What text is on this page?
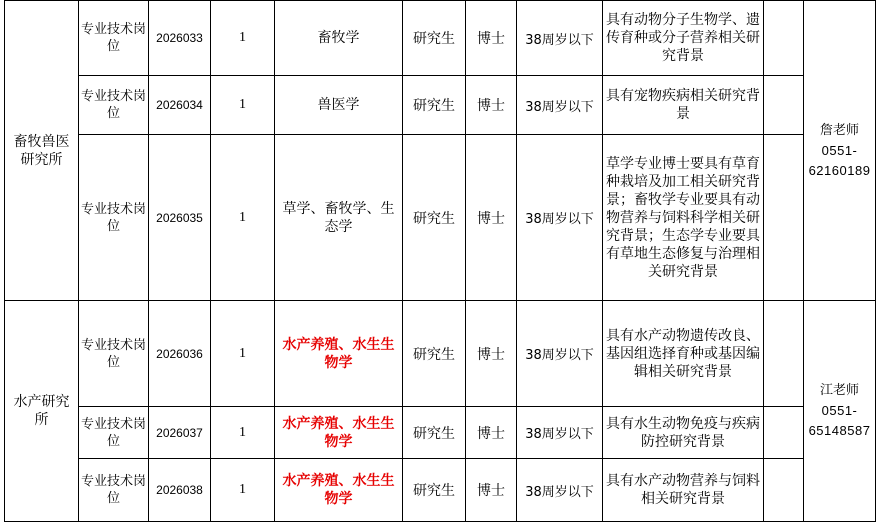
畜牧兽医研究所	专业技术岗位	2026033	1	畜牧学	研究生	博士	38周岁以下	具有动物分子生物学、遗传育种或分子营养相关研究背景		詹老师
0551-
62160189

	专业技术岗位	2026034	1	兽医学	研究生	博士	38周岁以下	具有宠物疾病相关研究背景		
	专业技术岗位	2026035	1	草学、畜牧学、生态学	研究生	博士	38周岁以下	草学专业博士要具有草育种栽培及加工相关研究背景；畜牧学专业要具有动物营养与饲料科学相关研究背景；生态学专业要具有草地生态修复与治理相关研究背景		
水产研究所	专业技术岗位	2026036	1	水产养殖、水生生物学	研究生	博士	38周岁以下	具有水产动物遗传改良、基因组选择育种或基因编辑相关研究背景		江老师
0551-
65148587

	专业技术岗位	2026037	1	水产养殖、水生生物学	研究生	博士	38周岁以下	具有水生动物免疫与疾病防控研究背景		
	专业技术岗位	2026038	1	水产养殖、水生生物学	研究生	博士	38周岁以下	具有水产动物营养与饲料相关研究背景		
